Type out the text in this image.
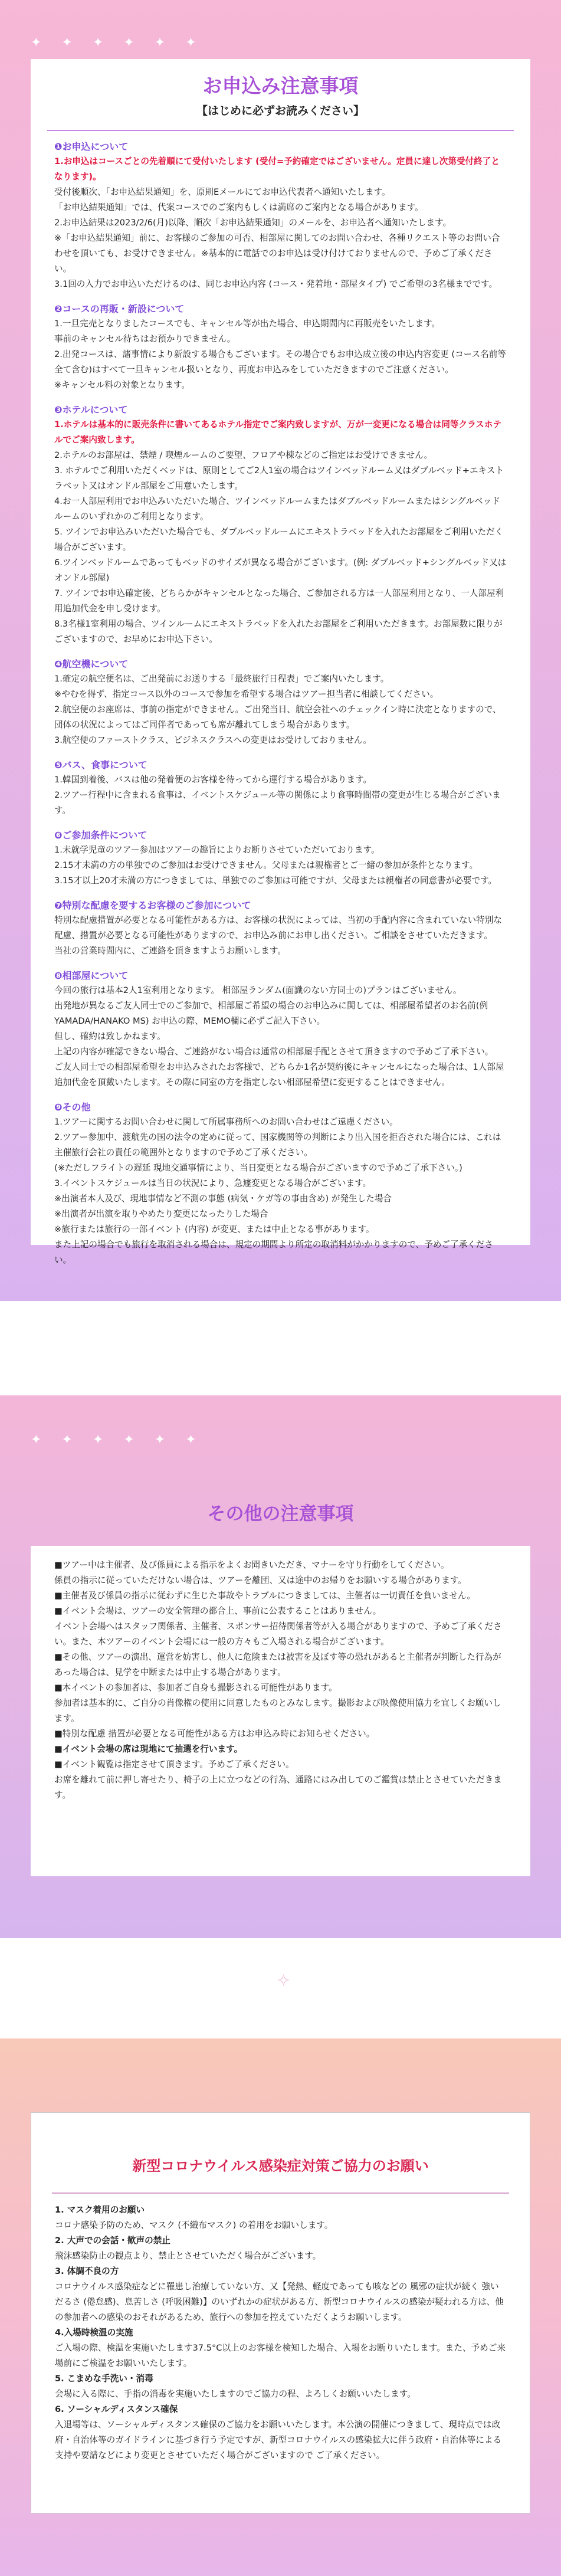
✦ ✦ ✦ ✦ ✦ ✦
✦ ✦ ✦ ✦ ✦ ✦
お申込み注意事項

【はじめに必ずお読みください】

❶お申込について

1.お申込はコースごとの先着順にて受付いたします (受付=予約確定ではございません。定員に達し次第受付終了となります)。

受付後順次、「お申込結果通知」を、原則Eメールにてお申込代表者へ通知いたします。

「お申込結果通知」では、代案コースでのご案内もしくは満席のご案内となる場合があります。

2.お申込結果は2023/2/6(月)以降、順次「お申込結果通知」のメールを、お申込者へ通知いたします。

※「お申込結果通知」前に、お客様のご参加の可否、相部屋に関してのお問い合わせ、各種リクエスト等のお問い合わせを頂いても、お受けできません。※基本的に電話でのお申込は受け付けておりませんので、予めご了承ください。

3.1回の入力でお申込いただけるのは、同じお申込内容 (コース・発着地・部屋タイプ) でご希望の3名様までです。

❷コースの再販・新設について

1.一旦完売となりましたコースでも、キャンセル等が出た場合、申込期間内に再販売をいたします。

事前のキャンセル待ちはお預かりできません。

2.出発コースは、諸事情により新設する場合もございます。その場合でもお申込成立後の申込内容変更 (コース名前等全て含む)はすべて一旦キャンセル扱いとなり、再度お申込みをしていただきますのでご注意ください。

※キャンセル料の対象となります。

❸ホテルについて

1.ホテルは基本的に販売条件に書いてあるホテル指定でご案内致しますが、万が一変更になる場合は同等クラスホテルでご案内致します。

2.ホテルのお部屋は、禁煙 / 喫煙ルームのご要望、フロアや棟などのご指定はお受けできません。

3. ホテルでご利用いただくベッドは、原則としてご2人1室の場合はツインベッドルーム又はダブルベッド+エキストラベット又はオンドル部屋をご用意いたします。

4.お一人部屋利用でお申込みいただいた場合、ツインベッドルームまたはダブルベッドルームまたはシングルベッドルームのいずれかのご利用となります。

5. ツインでお申込みいただいた場合でも、ダブルベッドルームにエキストラベッドを入れたお部屋をご利用いただく場合がございます。

6.ツインベッドルームであってもベッドのサイズが異なる場合がございます。(例: ダブルベッド+シングルベッド又はオンドル部屋)

7. ツインでお申込確定後、どちらかがキャンセルとなった場合、ご参加される方は一人部屋利用となり、一人部屋利用追加代金を申し受けます。

8.3名様1室利用の場合、ツインルームにエキストラベッドを入れたお部屋をご利用いただきます。お部屋数に限りがございますので、お早めにお申込下さい。

❹航空機について

1.確定の航空便名は、ご出発前にお送りする「最終旅行日程表」でご案内いたします。

※やむを得ず、指定コース以外のコースで参加を希望する場合はツアー担当者に相談してください。

2.航空便のお座席は、事前の指定ができません。ご出発当日、航空会社へのチェックイン時に決定となりますので、団体の状況によってはご同伴者であっても席が離れてしまう場合があります。

3.航空便のファーストクラス、ビジネスクラスへの変更はお受けしておりません。

❺バス、食事について

1.韓国到着後、バスは他の発着便のお客様を待ってから運行する場合があります。

2.ツアー行程中に含まれる食事は、イベントスケジュール等の関係により食事時間帯の変更が生じる場合がございます。

❻ご参加条件について

1.未就学児童のツアー参加はツアーの趣旨によりお断りさせていただいております。

2.15才未満の方の単独でのご参加はお受けできません。父母または親権者とご一緒の参加が条件となります。

3.15才以上20才未満の方につきましては、単独でのご参加は可能ですが、父母または親権者の同意書が必要です。

❼特別な配慮を要するお客様のご参加について

特別な配慮措置が必要となる可能性がある方は、お客様の状況によっては、当初の手配内容に含まれていない特別な配慮、措置が必要となる可能性がありますので、お申込み前にお申し出ください。ご相談をさせていただきます。

当社の営業時間内に、ご連絡を頂きますようお願いします。

❽相部屋について

今回の旅行は基本2人1室利用となります。 相部屋ランダム(面識のない方同士の)プランはございません。

出発地が異なるご友人同士でのご参加で、相部屋ご希望の場合のお申込みに関しては、相部屋希望者のお名前(例YAMADA/HANAKO MS) お申込の際、MEMO欄に必ずご記入下さい。

但し、確約は致しかねます。

上記の内容が確認できない場合、ご連絡がない場合は通常の相部屋手配とさせて頂きますので予めご了承下さい。

ご友人同士での相部屋希望をお申込みされたお客様で、どちらか1名が契約後にキャンセルになった場合は、1人部屋追加代金を頂戴いたします。その際に同室の方を指定しない相部屋希望に変更することはできません。

❾その他

1.ツアーに関するお問い合わせに関して所属事務所へのお問い合わせはご遠慮ください。

2.ツアー参加中、渡航先の国の法令の定めに従って、国家機関等の判断により出入国を拒否された場合には、これは主催旅行会社の責任の範囲外となりますので予めご了承ください。

(※ただしフライトの遅延 現地交通事情により、当日変更となる場合がございますので予めご了承下さい。)

3.イベントスケジュールは当日の状況により、急遽変更となる場合がございます。

※出演者本人及び、現地事情など不測の事態 (病気・ケガ等の事由含め) が発生した場合

※出演者が出演を取りやめたり変更になったりした場合

※旅行または旅行の一部イベント (内容) が変更、または中止となる事があります。

また上記の場合でも旅行を取消される場合は、規定の期間より所定の取消料がかかりますので、予めご了承ください。

その他の注意事項

■ツアー中は主催者、及び係員による指示をよくお聞きいただき、マナーを守り行動をしてください。

係員の指示に従っていただけない場合は、ツアーを離団、又は途中のお帰りをお願いする場合があります。

■主催者及び係員の指示に従わずに生じた事故やトラブルにつきましては、主催者は一切責任を負いません。

■イベント会場は、ツアーの安全管理の都合上、事前に公表することはありません。

イベント会場へはスタッフ関係者、主催者、スポンサー招待関係者等が入る場合がありますので、予めご了承ください。また、本ツアーのイベント会場には一般の方々もご入場される場合がございます。

■その他、ツアーの演出、運営を妨害し、他人に危険または被害を及ぼす等の恐れがあると主催者が判断した行為があった場合は、見学を中断または中止する場合があります。

■本イベントの参加者は、参加者ご自身も撮影される可能性があります。

参加者は基本的に、ご自分の肖像権の使用に同意したものとみなします。撮影および映像使用協力を宜しくお願いします。

■特別な配慮 措置が必要となる可能性がある方はお申込み時にお知らせください。

■イベント会場の席は現地にて抽選を行います。

■イベント観覧は指定させて頂きます。予めご了承ください。

お席を離れて前に押し寄せたり、椅子の上に立つなどの行為、通路にはみ出してのご鑑賞は禁止とさせていただきます。

✧
新型コロナウイルス感染症対策ご協力のお願い
1. マスク着用のお願い
コロナ感染予防のため、マスク (不織布マスク) の着用をお願いします。
2. 大声での会話・歓声の禁止
飛沫感染防止の観点より、禁止とさせていただく場合がございます。
3. 体調不良の方
コロナウイルス感染症などに罹患し治療していない方、又【発熱、軽度であっても咳などの 風邪の症状が続く 強いだるさ (倦怠感)、息苦しさ (呼吸困難)】のいずれかの症状がある方、新型コロナウイルスの感染が疑われる方は、他の参加者への感染のおそれがあるため、旅行への参加を控えていただくようお願いします。
4.入場時検温の実施
ご入場の際、検温を実施いたします37.5°C以上のお客様を検知した場合、入場をお断りいたします。また、予めご来場前にご検温をお願いいたします。
5. こまめな手洗い・消毒
会場に入る際に、手指の消毒を実施いたしますのでご協力の程、よろしくお願いいたします。
6. ソーシャルディスタンス確保
入退場等は、ソーシャルディスタンス確保のご協力をお願いいたします。本公演の開催につきまして、現時点では政府・自治体等のガイドラインに基づき行う予定ですが、新型コロナウイルスの感染拡大に伴う政府・自治体等による支持や要請などにより変更とさせていただく場合がございますので ご了承ください。
